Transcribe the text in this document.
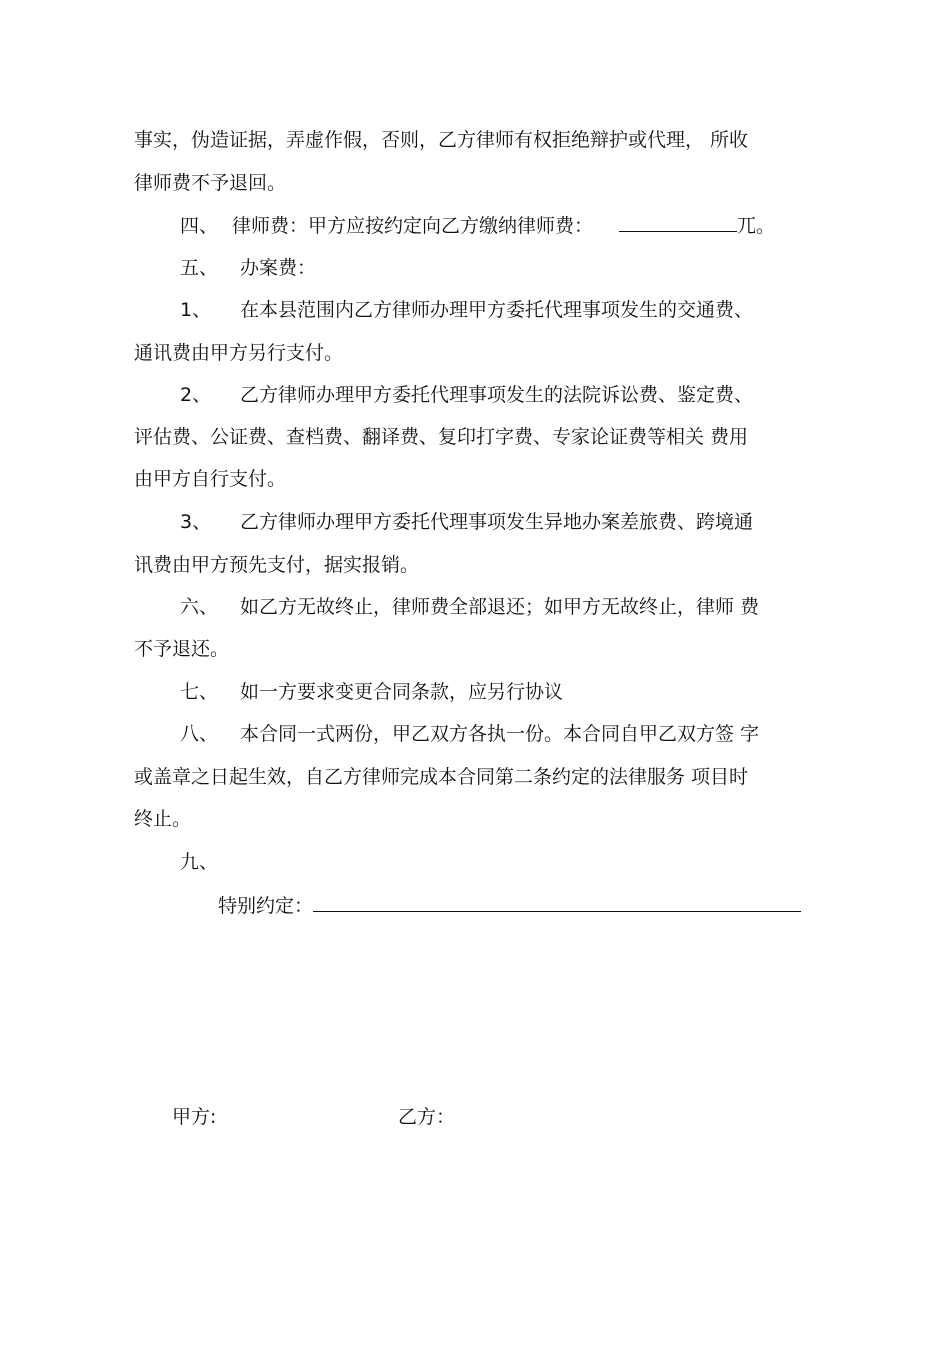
事实，伪造证据，弄虚作假，否则，乙方律师有权拒绝辩护或代理， 所收
律师费不予退回。
四、 律师费：甲方应按约定向乙方缴纳律师费：	兀。
五、 办案费：
1、 在本县范围内乙方律师办理甲方委托代理事项发生的交通费、
通讯费由甲方另行支付。
2、 乙方律师办理甲方委托代理事项发生的法院诉讼费、鉴定费、
评估费、公证费、查档费、翻译费、复印打字费、专家论证费等相关 费用
由甲方自行支付。
3、 乙方律师办理甲方委托代理事项发生异地办案差旅费、跨境通
讯费由甲方预先支付，据实报销。
六、 如乙方无故终止，律师费全部退还；如甲方无故终止，律师 费
不予退还。
七、 如一方要求变更合同条款，应另行协议
八、 本合同一式两份，甲乙双方各执一份。本合同自甲乙双方签 字
或盖章之日起生效，自乙方律师完成本合同第二条约定的法律服务 项目时
终止。
九、
特别约定：
甲方:	乙方：
